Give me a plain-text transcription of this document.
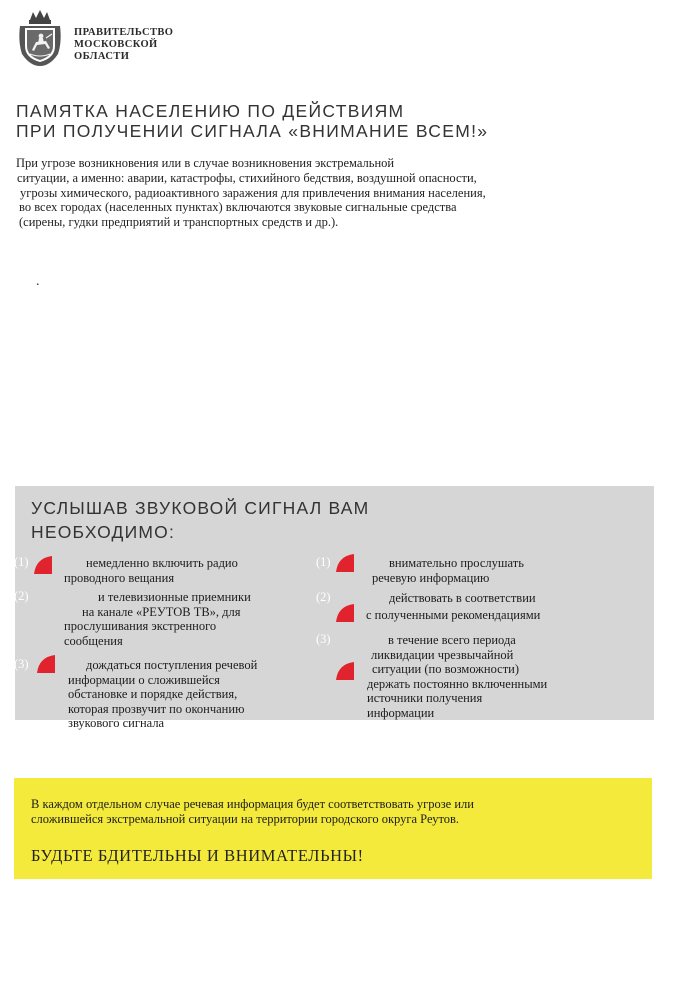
ПРАВИТЕЛЬСТВО
МОСКОВСКОЙ
ОБЛАСТИ
ПАМЯТКА НАСЕЛЕНИЮ ПО ДЕЙСТВИЯМ
ПРИ ПОЛУЧЕНИИ СИГНАЛА «ВНИМАНИЕ ВСЕМ!»
При угрозе возникновения или в случае возникновения экстремальной
ситуации, а именно: аварии, катастрофы, стихийного бедствия, воздушной опасности,
угрозы химического, радиоактивного заражения для привлечения внимания населения,
во всех городах (населенных пунктах) включаются звуковые сигнальные средства
(сирены, гудки предприятий и транспортных средств и др.).
.
УСЛЫШАВ ЗВУКОВОЙ СИГНАЛ ВАМ
НЕОБХОДИМО:
(1)	немедленно включить радио
проводного вещания
(2)	и телевизионные приемники
на канале «РЕУТОВ ТВ», для
прослушивания экстренного
сообщения
(3)	дождаться поступления речевой
информации о сложившейся
обстановке и порядке действия,
которая прозвучит по окончанию
звукового сигнала
(1)	внимательно прослушать
речевую информацию
(2)	действовать в соответствии
с полученными рекомендациями
(3)	в течение всего периода
ликвидации чрезвычайной
ситуации (по возможности)
держать постоянно включенными
источники получения
информации
В каждом отдельном случае речевая информация будет соответствовать угрозе или
сложившейся экстремальной ситуации на территории городского округа Реутов.
БУДЬТЕ БДИТЕЛЬНЫ И ВНИМАТЕЛЬНЫ!
